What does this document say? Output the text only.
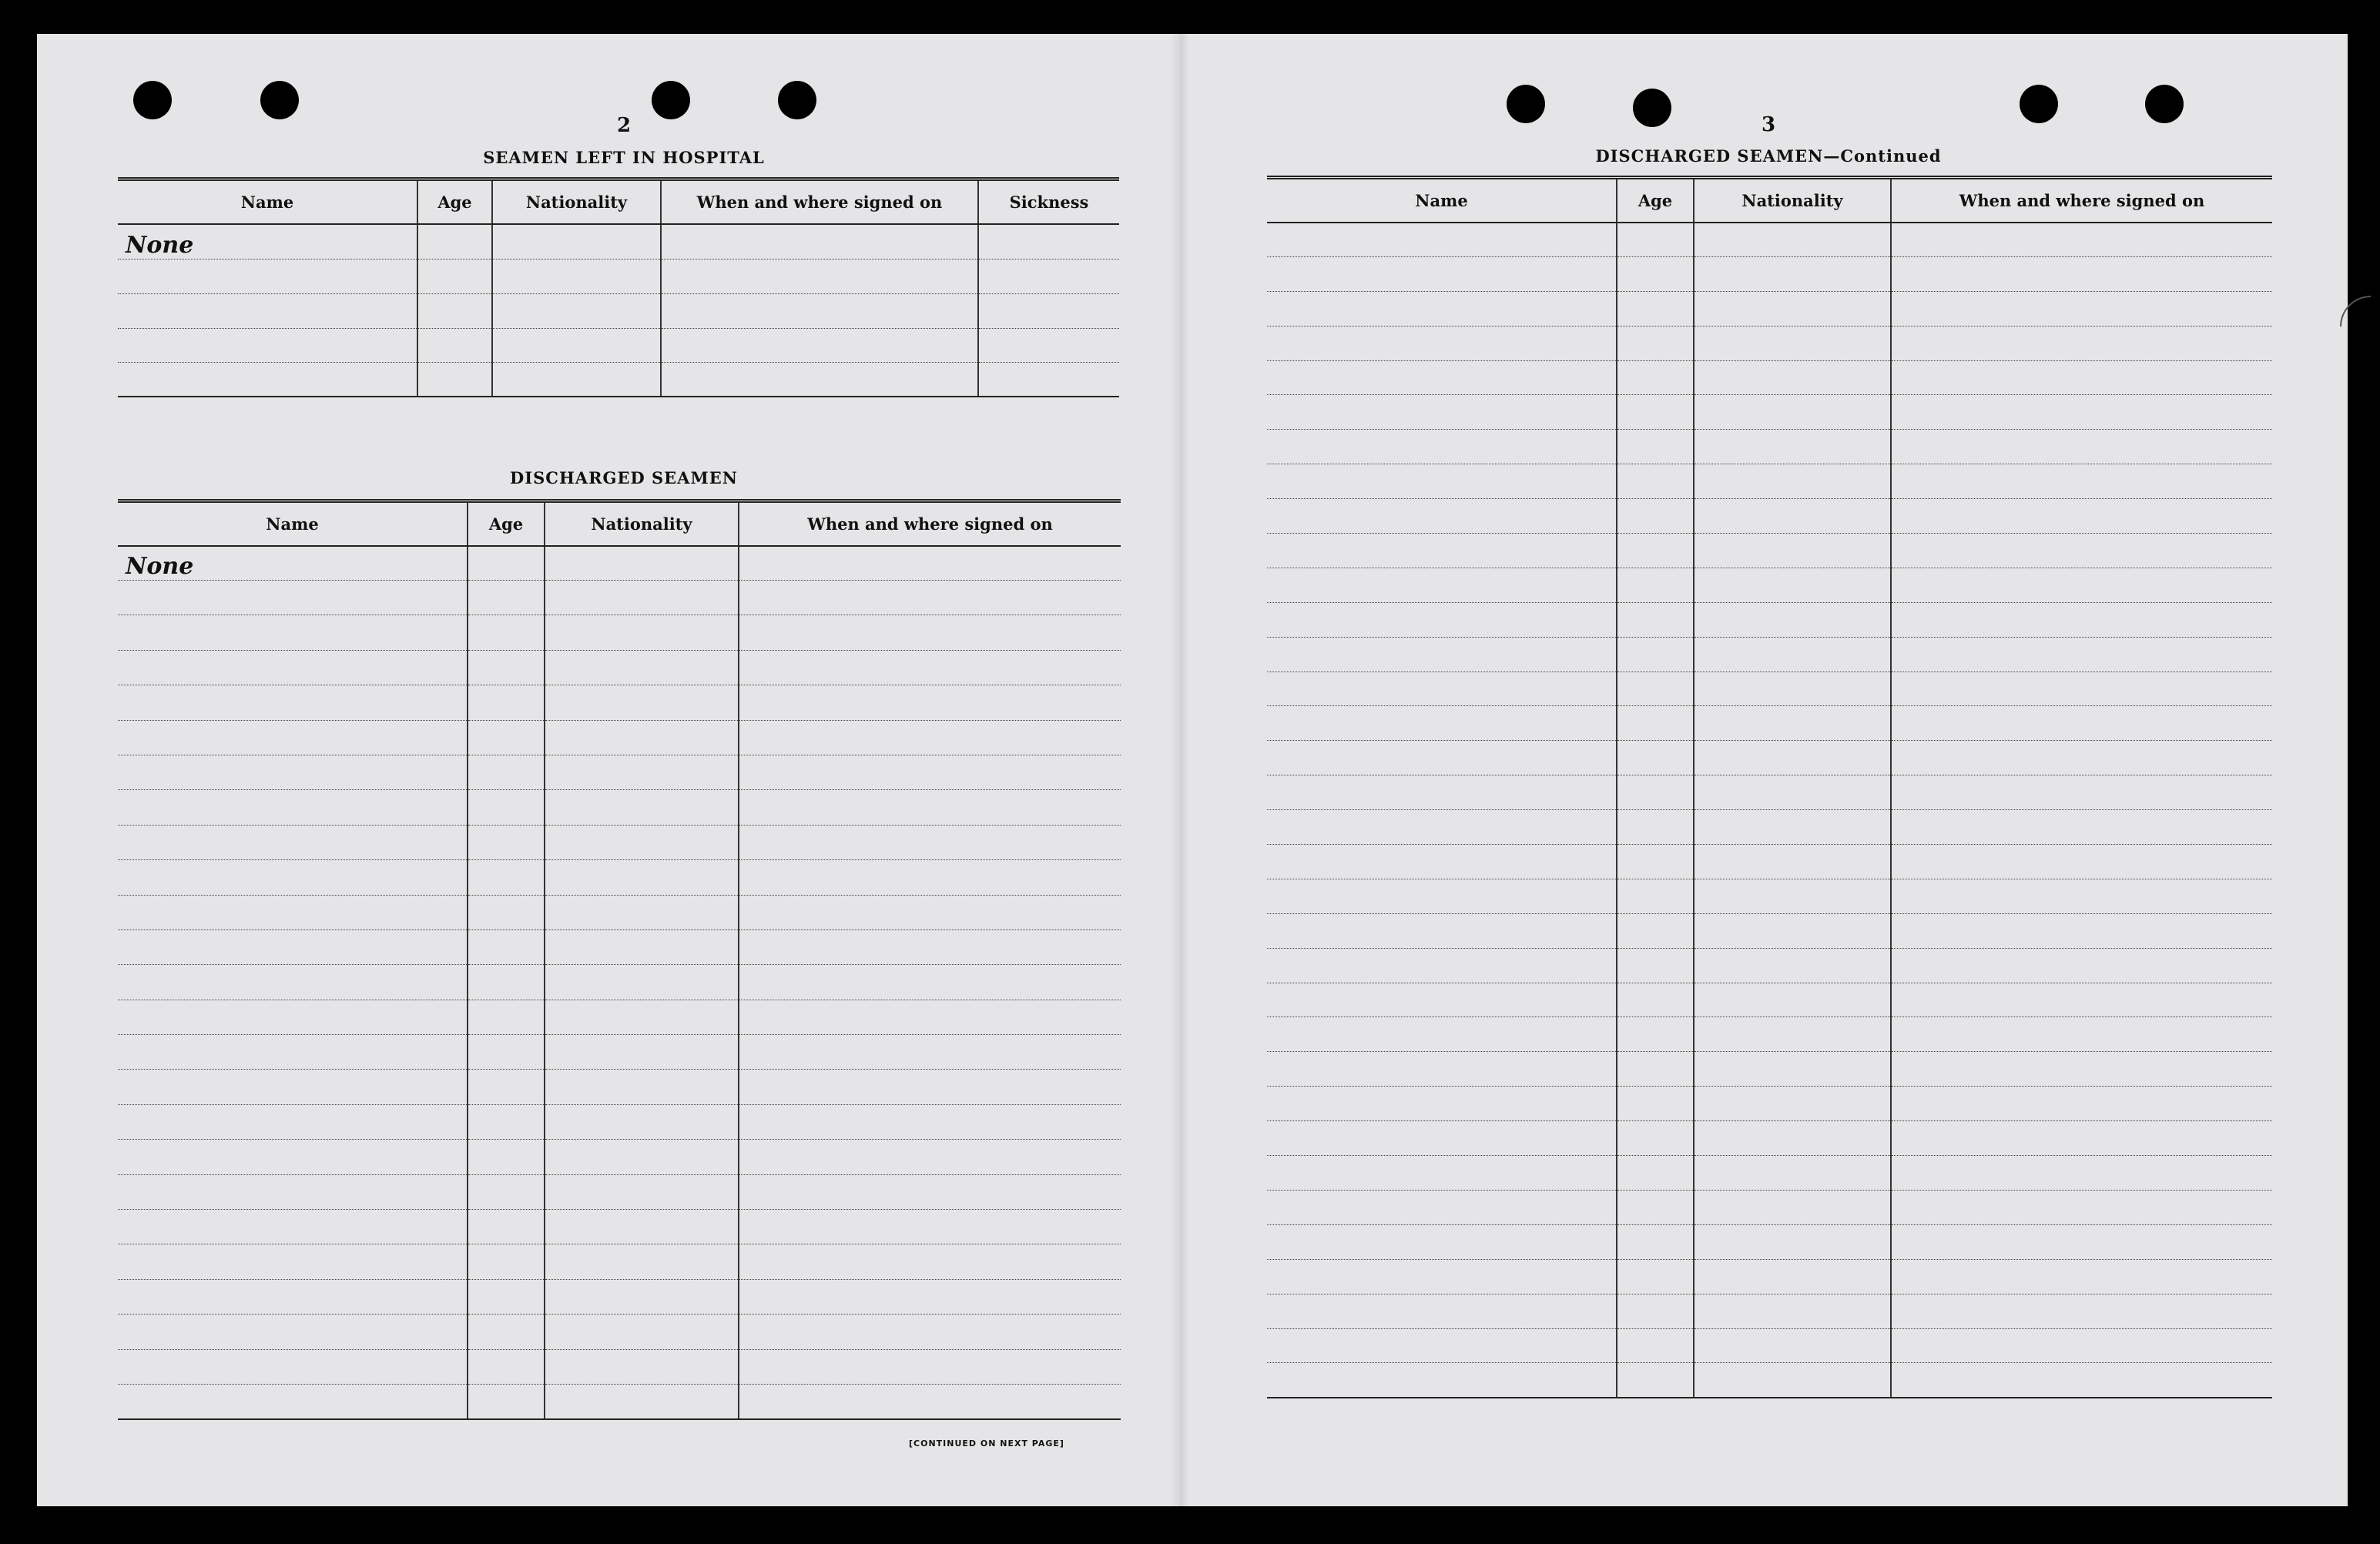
2
SEAMEN LEFT IN HOSPITAL
Name	Age	Nationality	When and where signed on	Sickness
None				

DISCHARGED SEAMEN
Name	Age	Nationality	When and where signed on
None			

[CONTINUED ON NEXT PAGE]
3
DISCHARGED SEAMEN—Continued
Name	Age	Nationality	When and where signed on
